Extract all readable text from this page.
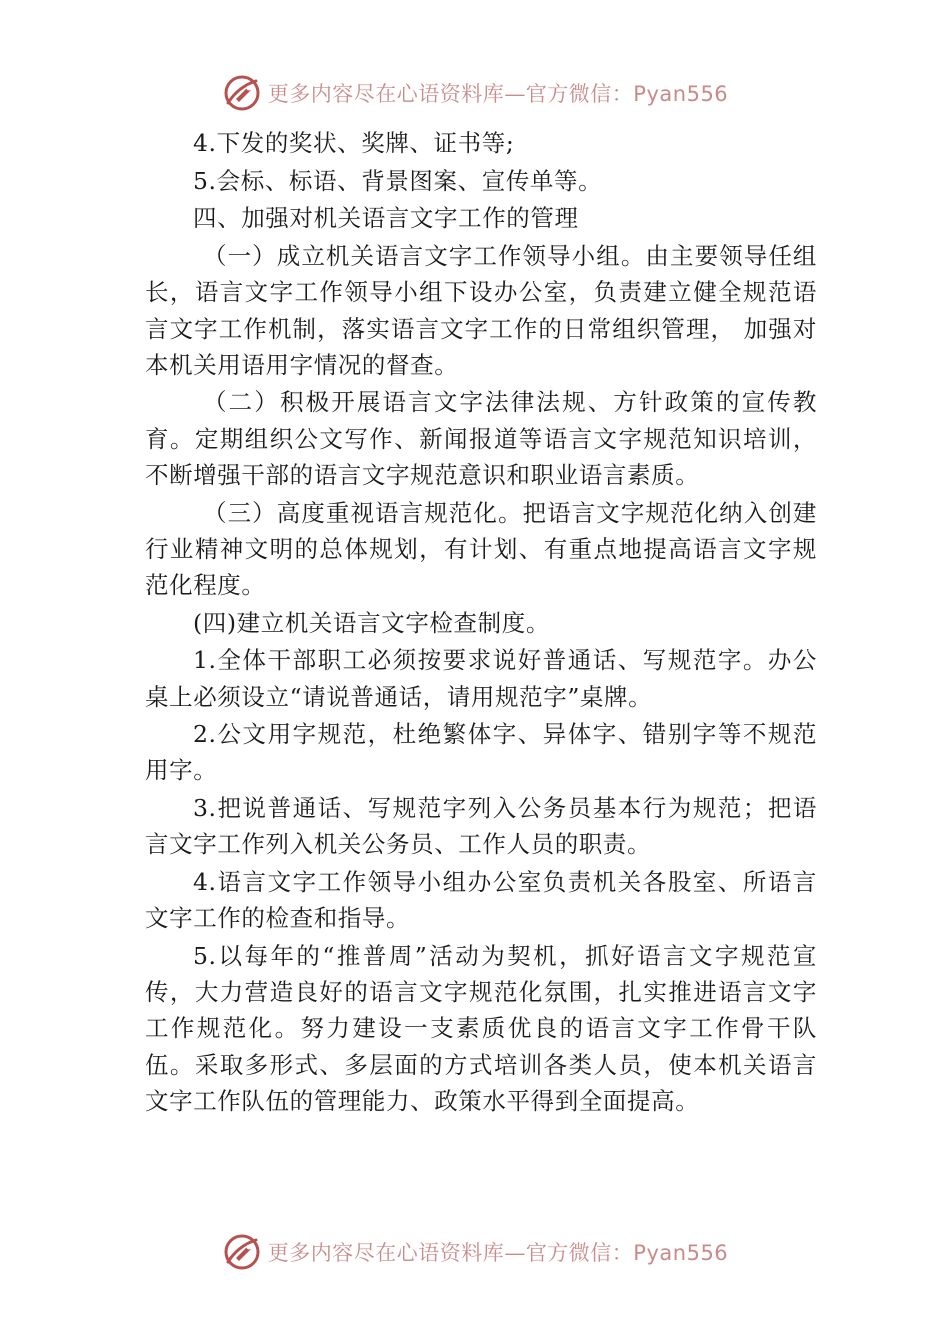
更多内容尽在心语资料库—官方微信：Pyan556

4.下发的奖状、奖牌、证书等;

5.会标、标语、背景图案、宣传单等。

四、加强对机关语言文字工作的管理

（一）成立机关语言文字工作领导小组。由主要领导任组长，语言文字工作领导小组下设办公室，负责建立健全规范语言文字工作机制，落实语言文字工作的日常组织管理， 加强对本机关用语用字情况的督查。

（二）积极开展语言文字法律法规、方针政策的宣传教育。定期组织公文写作、新闻报道等语言文字规范知识培训，不断增强干部的语言文字规范意识和职业语言素质。

（三）高度重视语言规范化。把语言文字规范化纳入创建行业精神文明的总体规划，有计划、有重点地提高语言文字规范化程度。

(四)建立机关语言文字检查制度。

1.全体干部职工必须按要求说好普通话、写规范字。办公桌上必须设立“请说普通话，请用规范字”桌牌。

2.公文用字规范，杜绝繁体字、异体字、错别字等不规范用字。

3.把说普通话、写规范字列入公务员基本行为规范；把语言文字工作列入机关公务员、工作人员的职责。

4.语言文字工作领导小组办公室负责机关各股室、所语言文字工作的检查和指导。

5.以每年的“推普周”活动为契机，抓好语言文字规范宣传，大力营造良好的语言文字规范化氛围，扎实推进语言文字工作规范化。努力建设一支素质优良的语言文字工作骨干队伍。采取多形式、多层面的方式培训各类人员，使本机关语言文字工作队伍的管理能力、政策水平得到全面提高。

更多内容尽在心语资料库—官方微信：Pyan556
